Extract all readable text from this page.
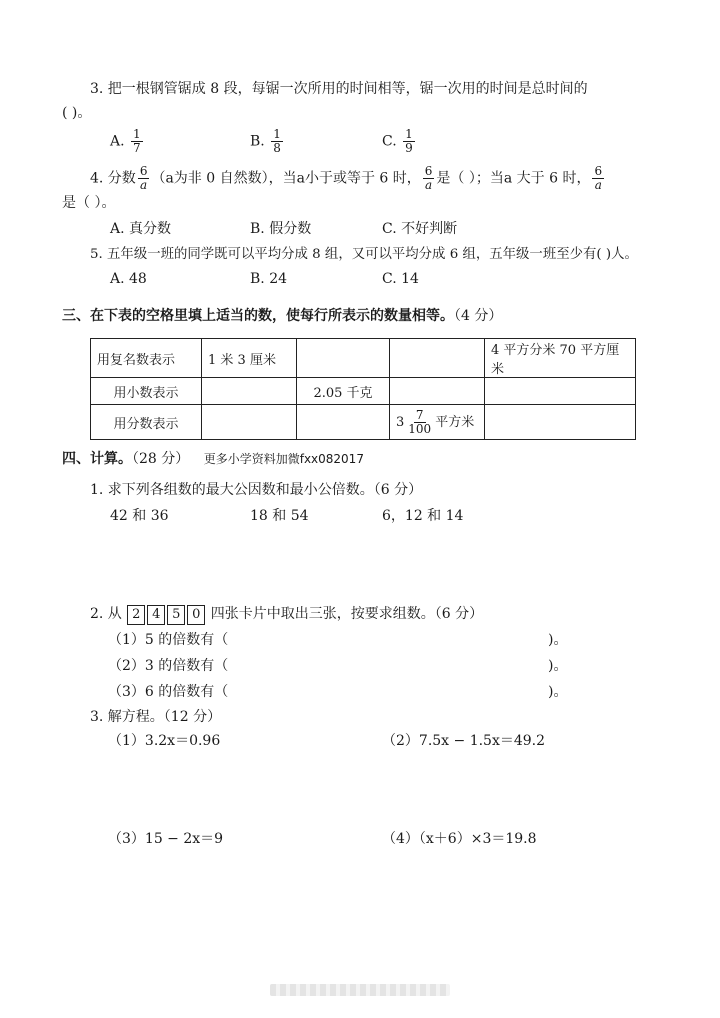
3. 把一根钢管锯成 8 段，每锯一次所用的时间相等，锯一次用的时间是总时间的
( )。
A. $\frac{1}{7}$	B. $\frac{1}{8}$	C. $\frac{1}{9}$
4. 分数 $\frac{6}{a} (a$为非 0 自然数），当a小于或等于 6 时， $\frac{6}{a}$ 是（ ）；当a 大于 6 时， $\frac{6}{a}$
是（ ）。
A. 真分数	B. 假分数	C. 不好判断
5. 五年级一班的同学既可以平均分成 8 组，又可以平均分成 6 组，五年级一班至少有( )人。
A. 48	B. 24	C. 14
三、在下表的空格里填上适当的数，使每行所表示的数量相等。（4 分）
用复名数表示	1 米 3 厘米			4 平方分米 70 平方厘米
用小数表示		2.05 千克		
用分数表示			$3 \frac{7}{100}$ 平方米	
四、计算。（28 分） 更多小学资料加微fxx082017
1. 求下列各组数的最大公因数和最小公倍数。（6 分）
42 和 36	18 和 54	6，12 和 14
2. 从 2 4 5 0 四张卡片中取出三张，按要求组数。（6 分）
（1）5 的倍数有（	)。
（2）3 的倍数有（	)。
（3）6 的倍数有（	)。
3. 解方程。（12 分）
（1）3.2x＝0.96	（2）7.5x − 1.5x＝49.2
（3）15 − 2x＝9	（4）（x＋6）×3＝19.8
